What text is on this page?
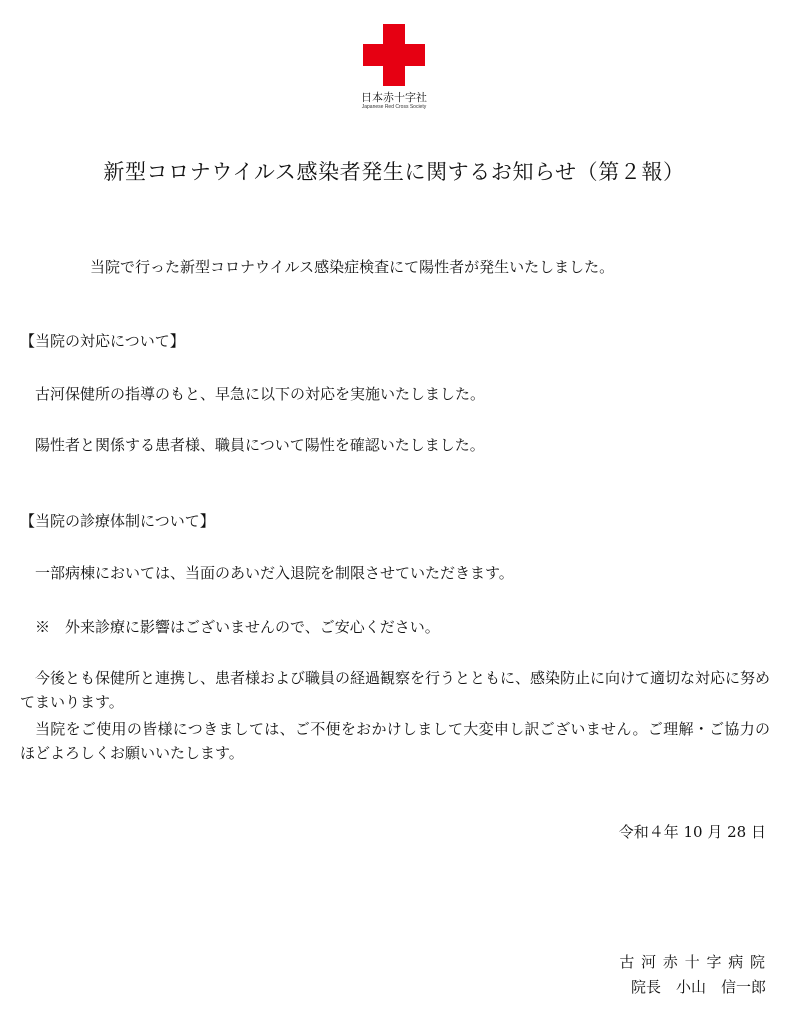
日本赤十字社
Japanese Red Cross Society
新型コロナウイルス感染者発生に関するお知らせ（第２報）
当院で行った新型コロナウイルス感染症検査にて陽性者が発生いたしました。
【当院の対応について】
古河保健所の指導のもと、早急に以下の対応を実施いたしました。
陽性者と関係する患者様、職員について陽性を確認いたしました。
【当院の診療体制について】
一部病棟においては、当面のあいだ入退院を制限させていただきます。
※　外来診療に影響はございませんので、ご安心ください。
今後とも保健所と連携し、患者様および職員の経過観察を行うとともに、感染防止に向けて適切な対応に努めてまいります。
当院をご使用の皆様につきましては、ご不便をおかけしまして大変申し訳ございません。ご理解・ご協力のほどよろしくお願いいたします。
令和４年 10 月 28 日
古 河 赤 十 字 病 院
院長　小山　信一郎
